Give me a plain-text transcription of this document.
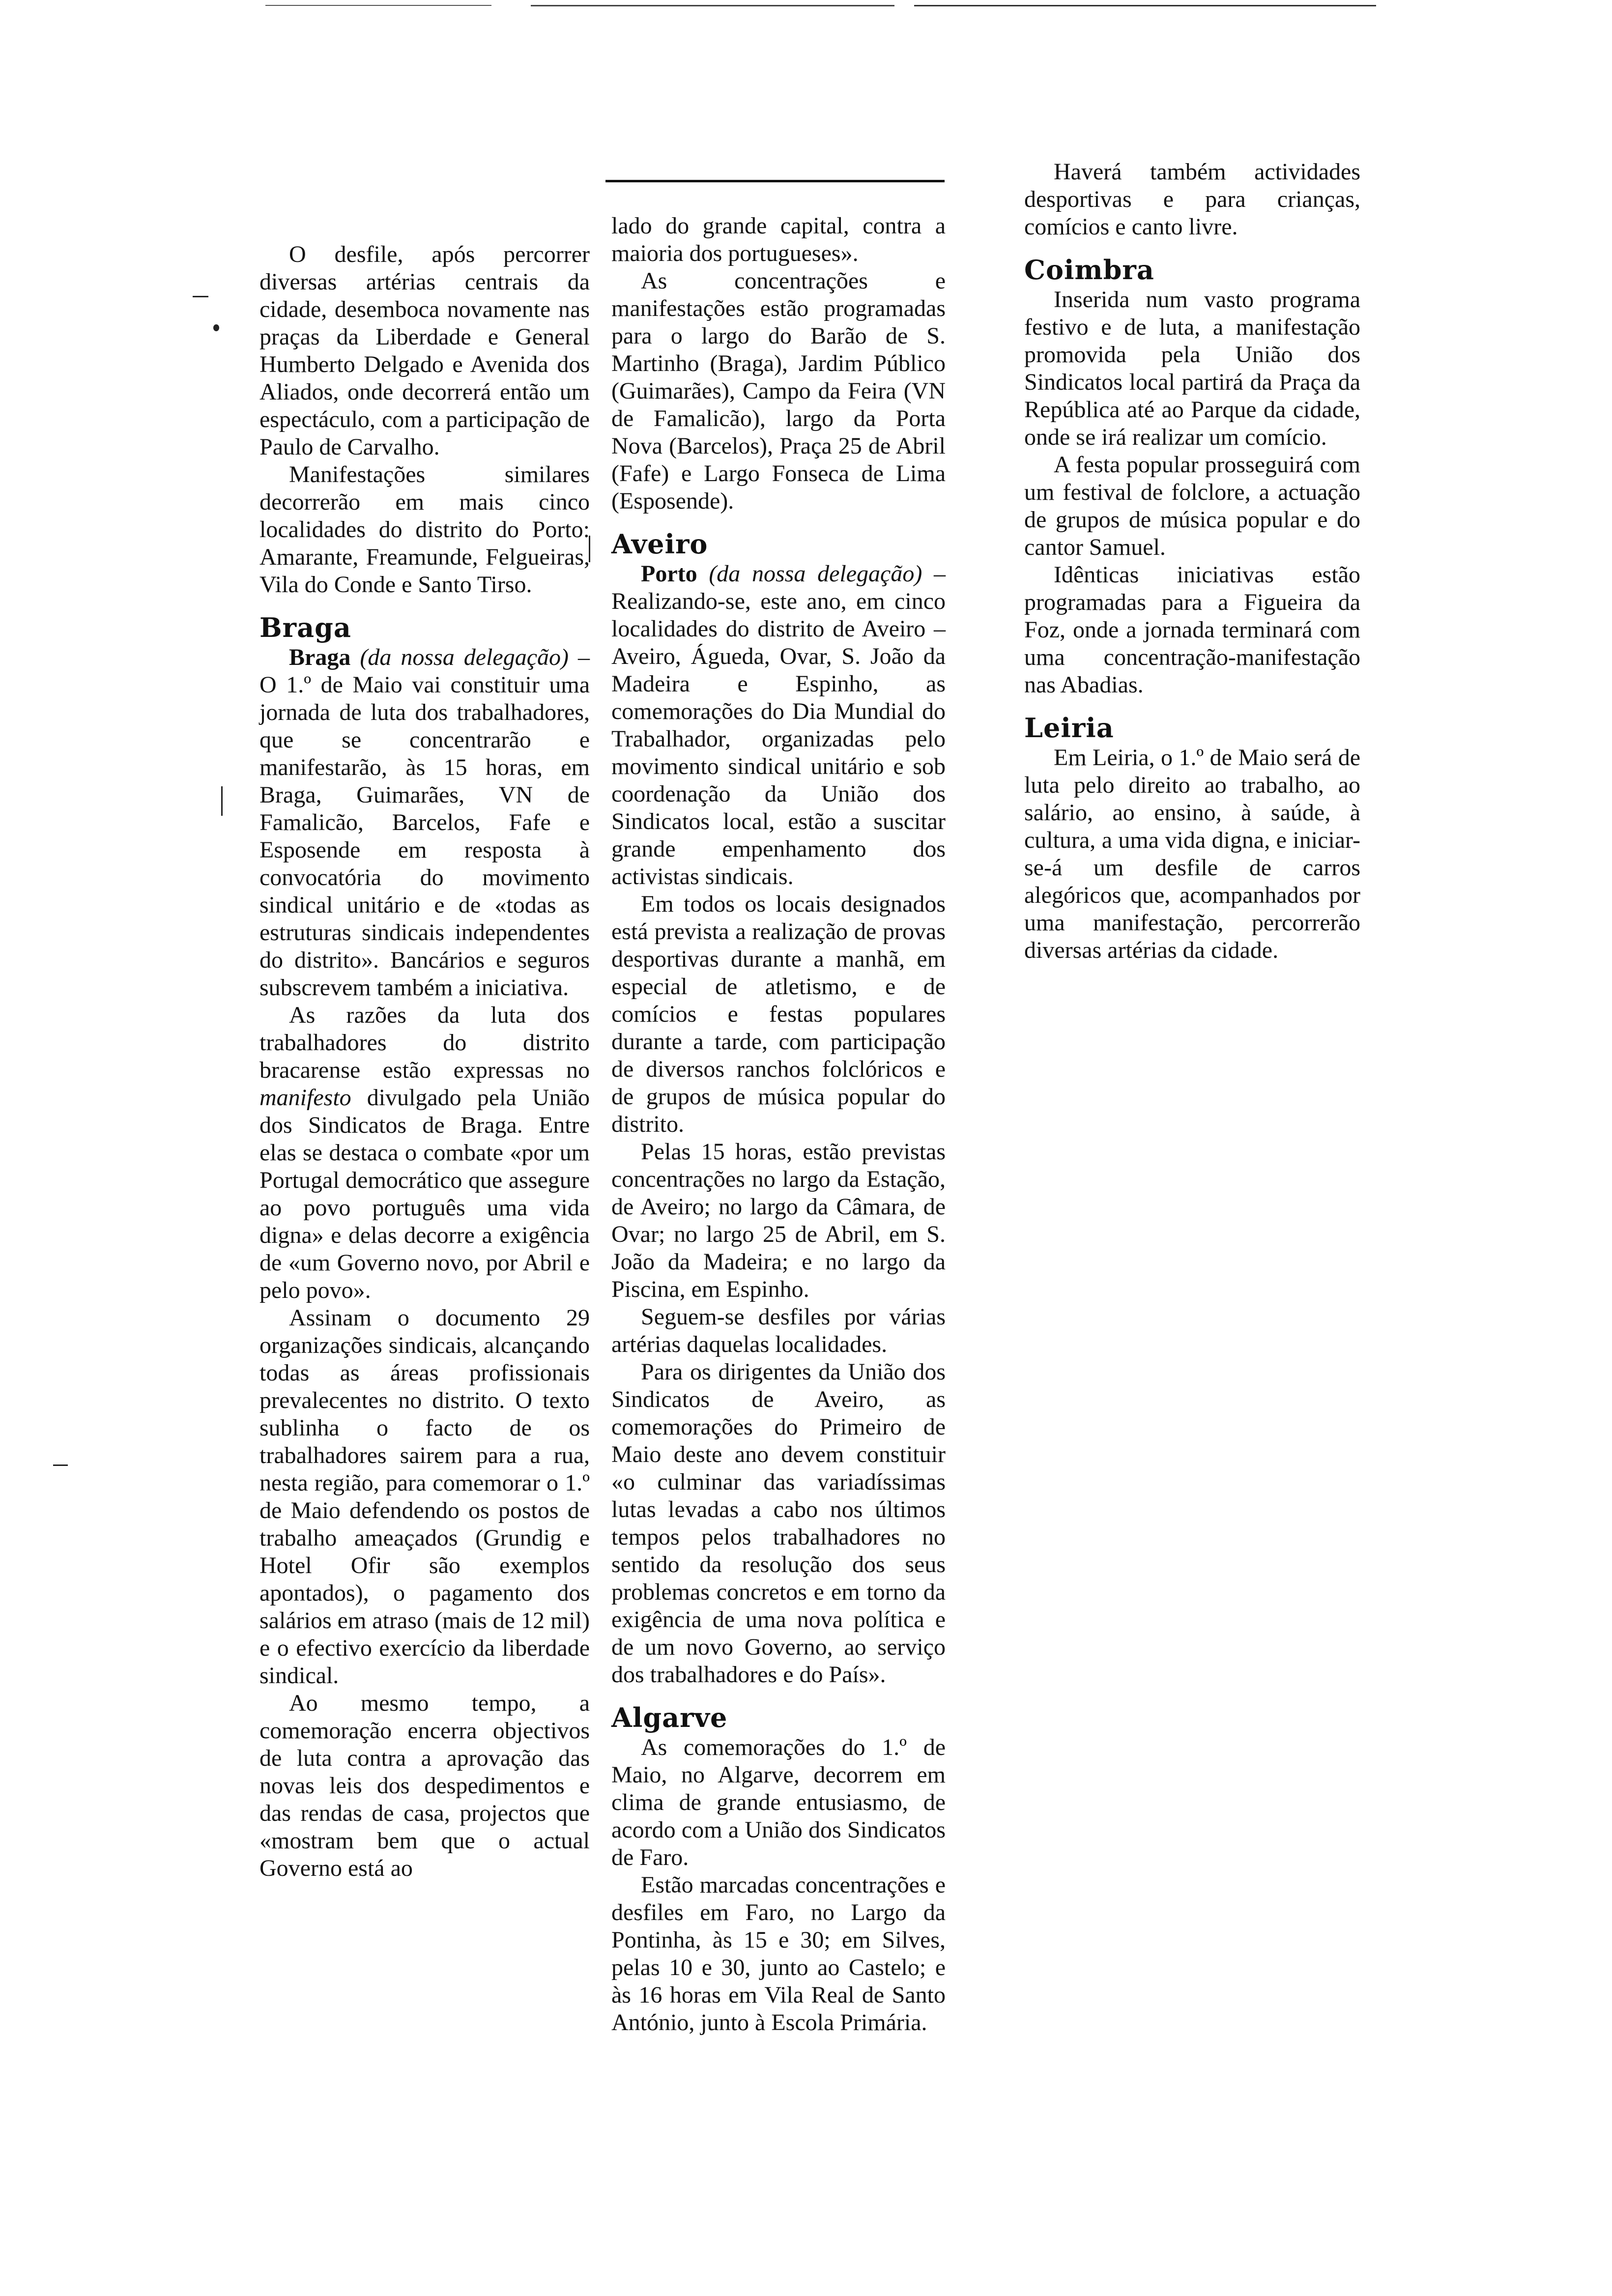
O desfile, após percorrer diversas artérias centrais da cidade, desemboca novamente nas praças da Liberdade e General Humberto Delgado e Avenida dos Aliados, onde decorrerá então um espectáculo, com a participação de Paulo de Carvalho.

Manifestações similares decorrerão em mais cinco localidades do distrito do Porto: Amarante, Freamunde, Felgueiras, Vila do Conde e Santo Tirso.

Braga

Braga (da nossa delegação) – O 1.º de Maio vai constituir uma jornada de luta dos trabalhadores, que se concentrarão e manifestarão, às 15 horas, em Braga, Guimarães, VN de Famalicão, Barcelos, Fafe e Esposende em resposta à convocatória do movimento sindical unitário e de «todas as estruturas sindicais independentes do distrito». Bancários e seguros subscrevem também a iniciativa.

As razões da luta dos trabalhadores do distrito bracarense estão expressas no manifesto divulgado pela União dos Sindicatos de Braga. Entre elas se destaca o combate «por um Portugal democrático que assegure ao povo português uma vida digna» e delas decorre a exigência de «um Governo novo, por Abril e pelo povo».

Assinam o documento 29 organizações sindicais, alcançando todas as áreas profissionais prevalecentes no distrito. O texto sublinha o facto de os trabalhadores sairem para a rua, nesta região, para comemorar o 1.º de Maio defendendo os postos de trabalho ameaçados (Grundig e Hotel Ofir são exemplos apontados), o pagamento dos salários em atraso (mais de 12 mil) e o efectivo exercício da liberdade sindical.

Ao mesmo tempo, a comemoração encerra objectivos de luta contra a aprovação das novas leis dos despedimentos e das rendas de casa, projectos que «mostram bem que o actual Governo está ao

lado do grande capital, contra a maioria dos portugueses».

As concentrações e manifestações estão programadas para o largo do Barão de S. Martinho (Braga), Jardim Público (Guimarães), Campo da Feira (VN de Famalicão), largo da Porta Nova (Barcelos), Praça 25 de Abril (Fafe) e Largo Fonseca de Lima (Esposende).

Aveiro

Porto (da nossa delegação) – Realizando-se, este ano, em cinco localidades do distrito de Aveiro – Aveiro, Águeda, Ovar, S. João da Madeira e Espinho, as comemorações do Dia Mundial do Trabalhador, organizadas pelo movimento sindical unitário e sob coordenação da União dos Sindicatos local, estão a suscitar grande empenhamento dos activistas sindicais.

Em todos os locais designados está prevista a realização de provas desportivas durante a manhã, em especial de atletismo, e de comícios e festas populares durante a tarde, com participação de diversos ranchos folclóricos e de grupos de música popular do distrito.

Pelas 15 horas, estão previstas concentrações no largo da Estação, de Aveiro; no largo da Câmara, de Ovar; no largo 25 de Abril, em S. João da Madeira; e no largo da Piscina, em Espinho.

Seguem-se desfiles por várias artérias daquelas localidades.

Para os dirigentes da União dos Sindicatos de Aveiro, as comemorações do Primeiro de Maio deste ano devem constituir «o culminar das variadíssimas lutas levadas a cabo nos últimos tempos pelos trabalhadores no sentido da resolução dos seus problemas concretos e em torno da exigência de uma nova política e de um novo Governo, ao serviço dos trabalhadores e do País».

Algarve

As comemorações do 1.º de Maio, no Algarve, decorrem em clima de grande entusiasmo, de acordo com a União dos Sindicatos de Faro.

Estão marcadas concentrações e desfiles em Faro, no Largo da Pontinha, às 15 e 30; em Silves, pelas 10 e 30, junto ao Castelo; e às 16 horas em Vila Real de Santo António, junto à Escola Primária.

Haverá também actividades desportivas e para crianças, comícios e canto livre.

Coimbra

Inserida num vasto programa festivo e de luta, a manifestação promovida pela União dos Sindicatos local partirá da Praça da República até ao Parque da cidade, onde se irá realizar um comício.

A festa popular prosseguirá com um festival de folclore, a actuação de grupos de música popular e do cantor Samuel.

Idênticas iniciativas estão programadas para a Figueira da Foz, onde a jornada terminará com uma concentração-manifestação nas Abadias.

Leiria

Em Leiria, o 1.º de Maio será de luta pelo direito ao trabalho, ao salário, ao ensino, à saúde, à cultura, a uma vida digna, e iniciar-se-á um desfile de carros alegóricos que, acompanhados por uma manifestação, percorrerão diversas artérias da cidade.
